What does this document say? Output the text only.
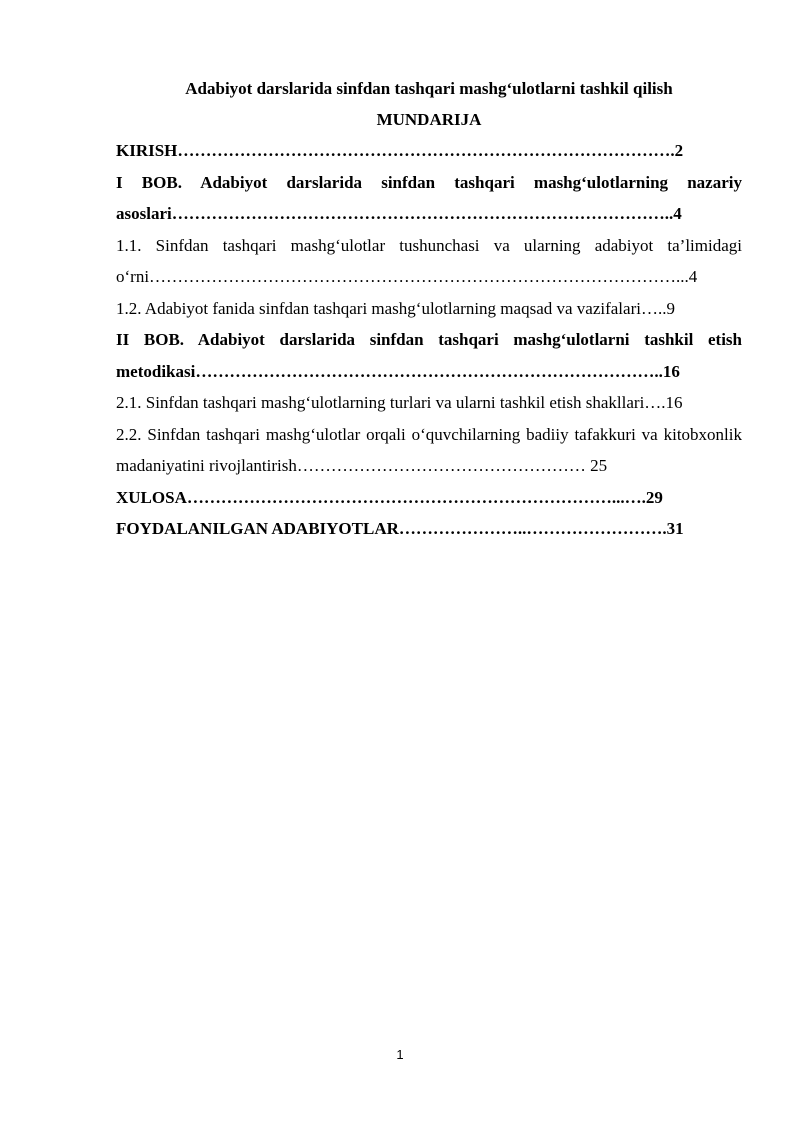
Adabiyot darslarida sinfdan tashqari mashg‘ulotlarni tashkil qilish

MUNDARIJA

KIRISH…………………………………………………………………………….2

I BOB. Adabiyot darslarida sinfdan tashqari mashg‘ulotlarning nazariy asoslari……………………………………………………………………………..4

1.1. Sinfdan tashqari mashg‘ulotlar tushunchasi va ularning adabiyot ta’limidagi o‘rni…………………………………………………………………………………...4

1.2. Adabiyot fanida sinfdan tashqari mashg‘ulotlarning maqsad va vazifalari…..9

II BOB. Adabiyot darslarida sinfdan tashqari mashg‘ulotlarni tashkil etish metodikasi………………………………………………………………………..16

2.1. Sinfdan tashqari mashg‘ulotlarning turlari va ularni tashkil etish shakllari….16

2.2. Sinfdan tashqari mashg‘ulotlar orqali o‘quvchilarning badiiy tafakkuri va kitobxonlik madaniyatini rivojlantirish…………………………………………… 25

XULOSA…………………………………………………………………...….29

FOYDALANILGAN ADABIYOTLAR…………………..…………………….31

1
